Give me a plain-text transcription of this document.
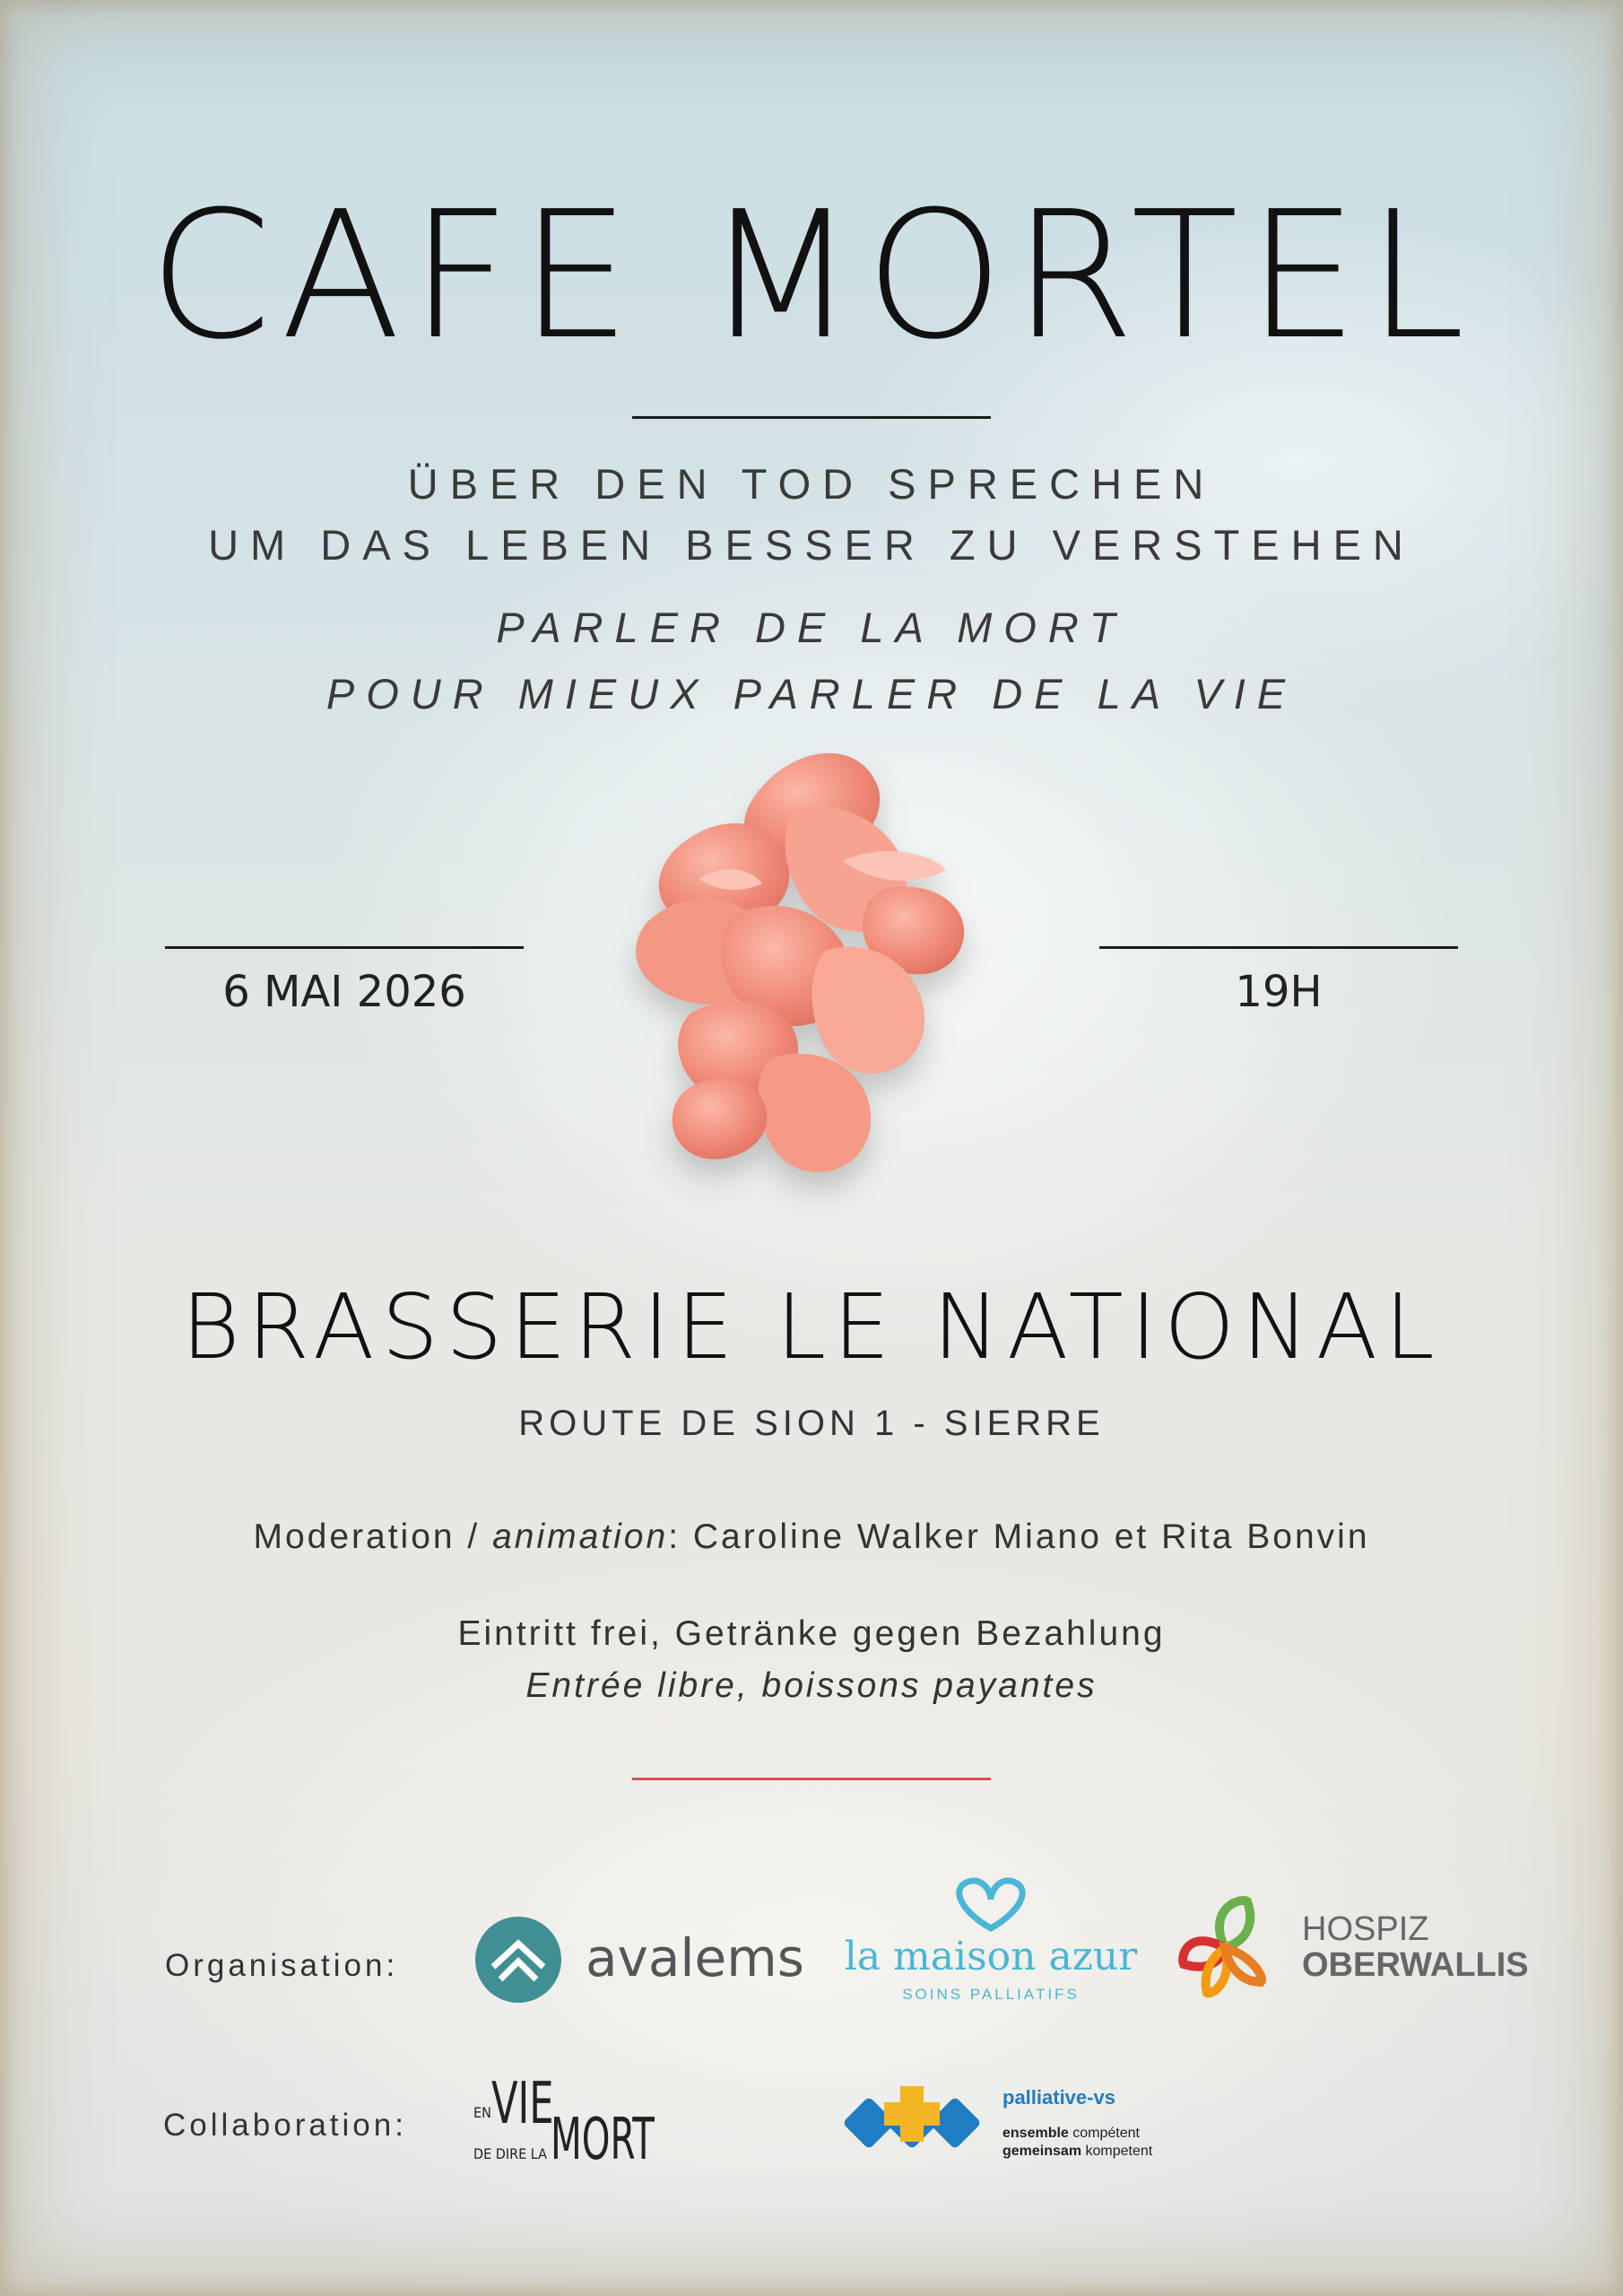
CAFE MORTEL
ÜBER DEN TOD SPRECHEN
UM DAS LEBEN BESSER ZU VERSTEHEN
PARLER DE LA MORT
POUR MIEUX PARLER DE LA VIE
6 MAI 2026	19H
BRASSERIE LE NATIONAL
ROUTE DE SION 1 - SIERRE
Moderation / animation: Caroline Walker Miano et Rita Bonvin
Eintritt frei, Getränke gegen Bezahlung
Entrée libre, boissons payantes
Organisation:	avalems la maison azur
SOINS PALLIATIFS
HOSPIZ
OBERWALLIS
Collaboration:	EN VIE
DE DIRE LA MORT
palliative-vs
ensemble compétent
gemeinsam kompetent
